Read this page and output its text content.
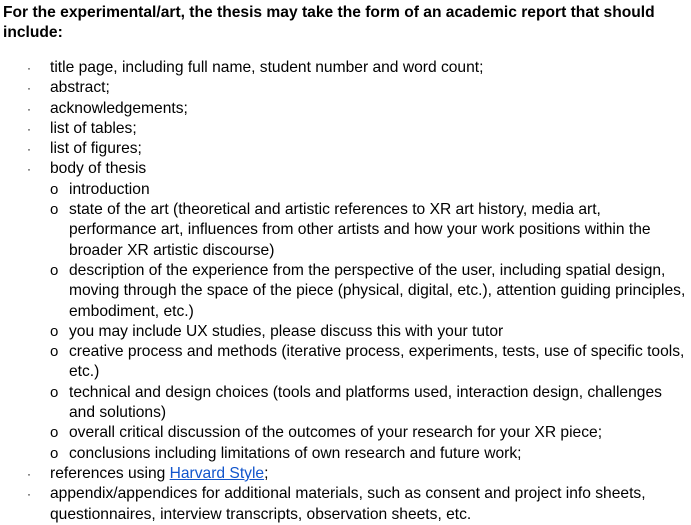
For the experimental/art, the thesis may take the form of an academic report that should include:

· title page, including full name, student number and word count;
· abstract;
· acknowledgements;
· list of tables;
· list of figures;
· body of thesis
o introduction
o state of the art (theoretical and artistic references to XR art history, media art, performance art, influences from other artists and how your work positions within the broader XR artistic discourse)
o description of the experience from the perspective of the user, including spatial design, moving through the space of the piece (physical, digital, etc.), attention guiding principles, embodiment, etc.)
o you may include UX studies, please discuss this with your tutor
o creative process and methods (iterative process, experiments, tests, use of specific tools, etc.)
o technical and design choices (tools and platforms used, interaction design, challenges and solutions)
o overall critical discussion of the outcomes of your research for your XR piece;
o conclusions including limitations of own research and future work;
· references using Harvard Style;
· appendix/appendices for additional materials, such as consent and project info sheets, questionnaires, interview transcripts, observation sheets, etc.
